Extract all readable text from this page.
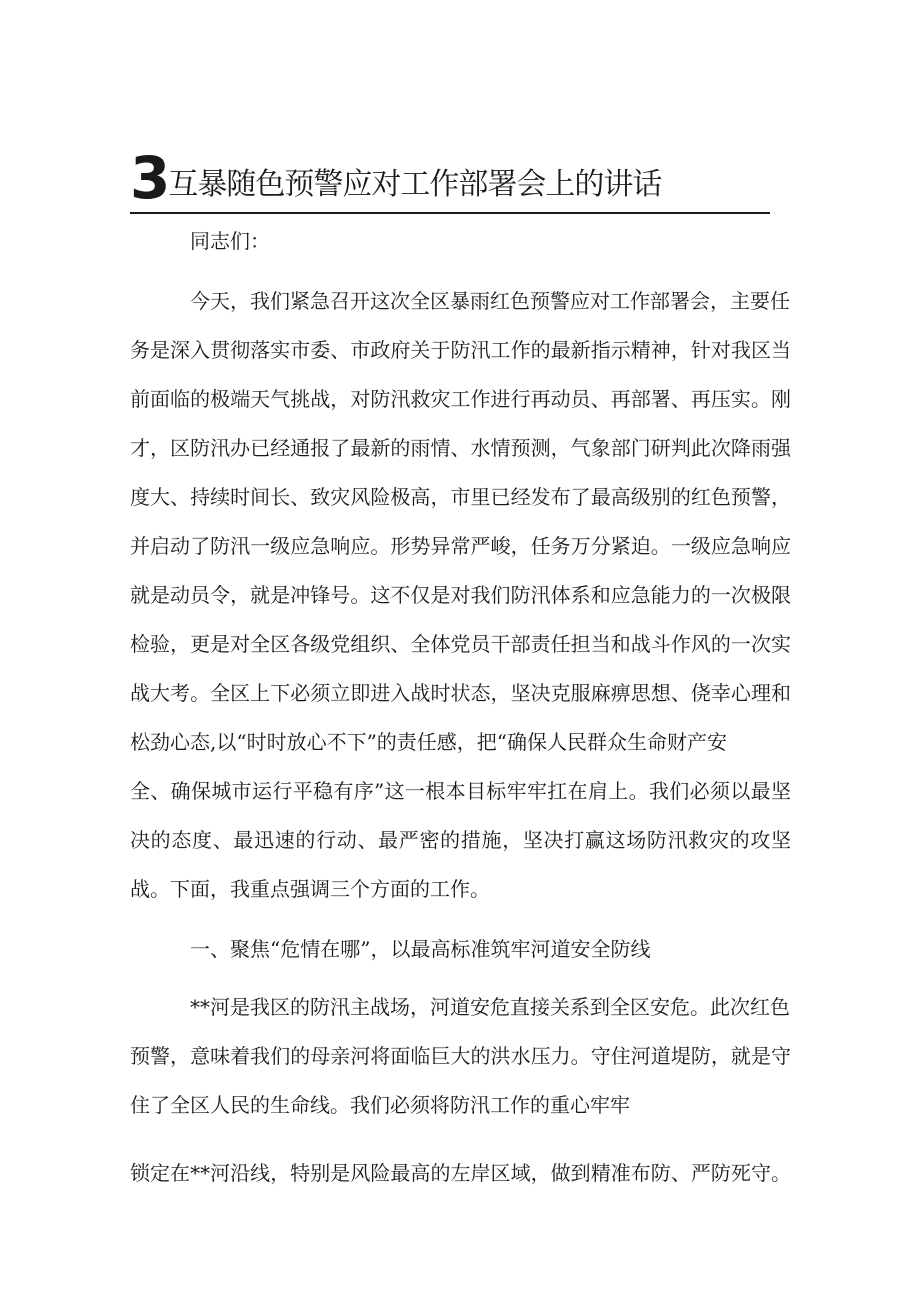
3互暴随色预警应对工作部署会上的讲话

同志们：

今天，我们紧急召开这次全区暴雨红色预警应对工作部署会，主要任

务是深入贯彻落实市委、市政府关于防汛工作的最新指示精神，针对我区当

前面临的极端天气挑战，对防汛救灾工作进行再动员、再部署、再压实。刚

才，区防汛办已经通报了最新的雨情、水情预测，气象部门研判此次降雨强

度大、持续时间长、致灾风险极高，市里已经发布了最高级别的红色预警，

并启动了防汛一级应急响应。形势异常严峻，任务万分紧迫。一级应急响应

就是动员令，就是冲锋号。这不仅是对我们防汛体系和应急能力的一次极限

检验，更是对全区各级党组织、全体党员干部责任担当和战斗作风的一次实

战大考。全区上下必须立即进入战时状态，坚决克服麻痹思想、侥幸心理和

松劲心态,以“时时放心不下”的责任感，把“确保人民群众生命财产安

全、确保城市运行平稳有序”这一根本目标牢牢扛在肩上。我们必须以最坚

决的态度、最迅速的行动、最严密的措施，坚决打赢这场防汛救灾的攻坚

战。下面，我重点强调三个方面的工作。

一、聚焦“危情在哪”，以最高标准筑牢河道安全防线

**河是我区的防汛主战场，河道安危直接关系到全区安危。此次红色

预警，意味着我们的母亲河将面临巨大的洪水压力。守住河道堤防，就是守

住了全区人民的生命线。我们必须将防汛工作的重心牢牢

锁定在**河沿线，特别是风险最高的左岸区域，做到精准布防、严防死守。
